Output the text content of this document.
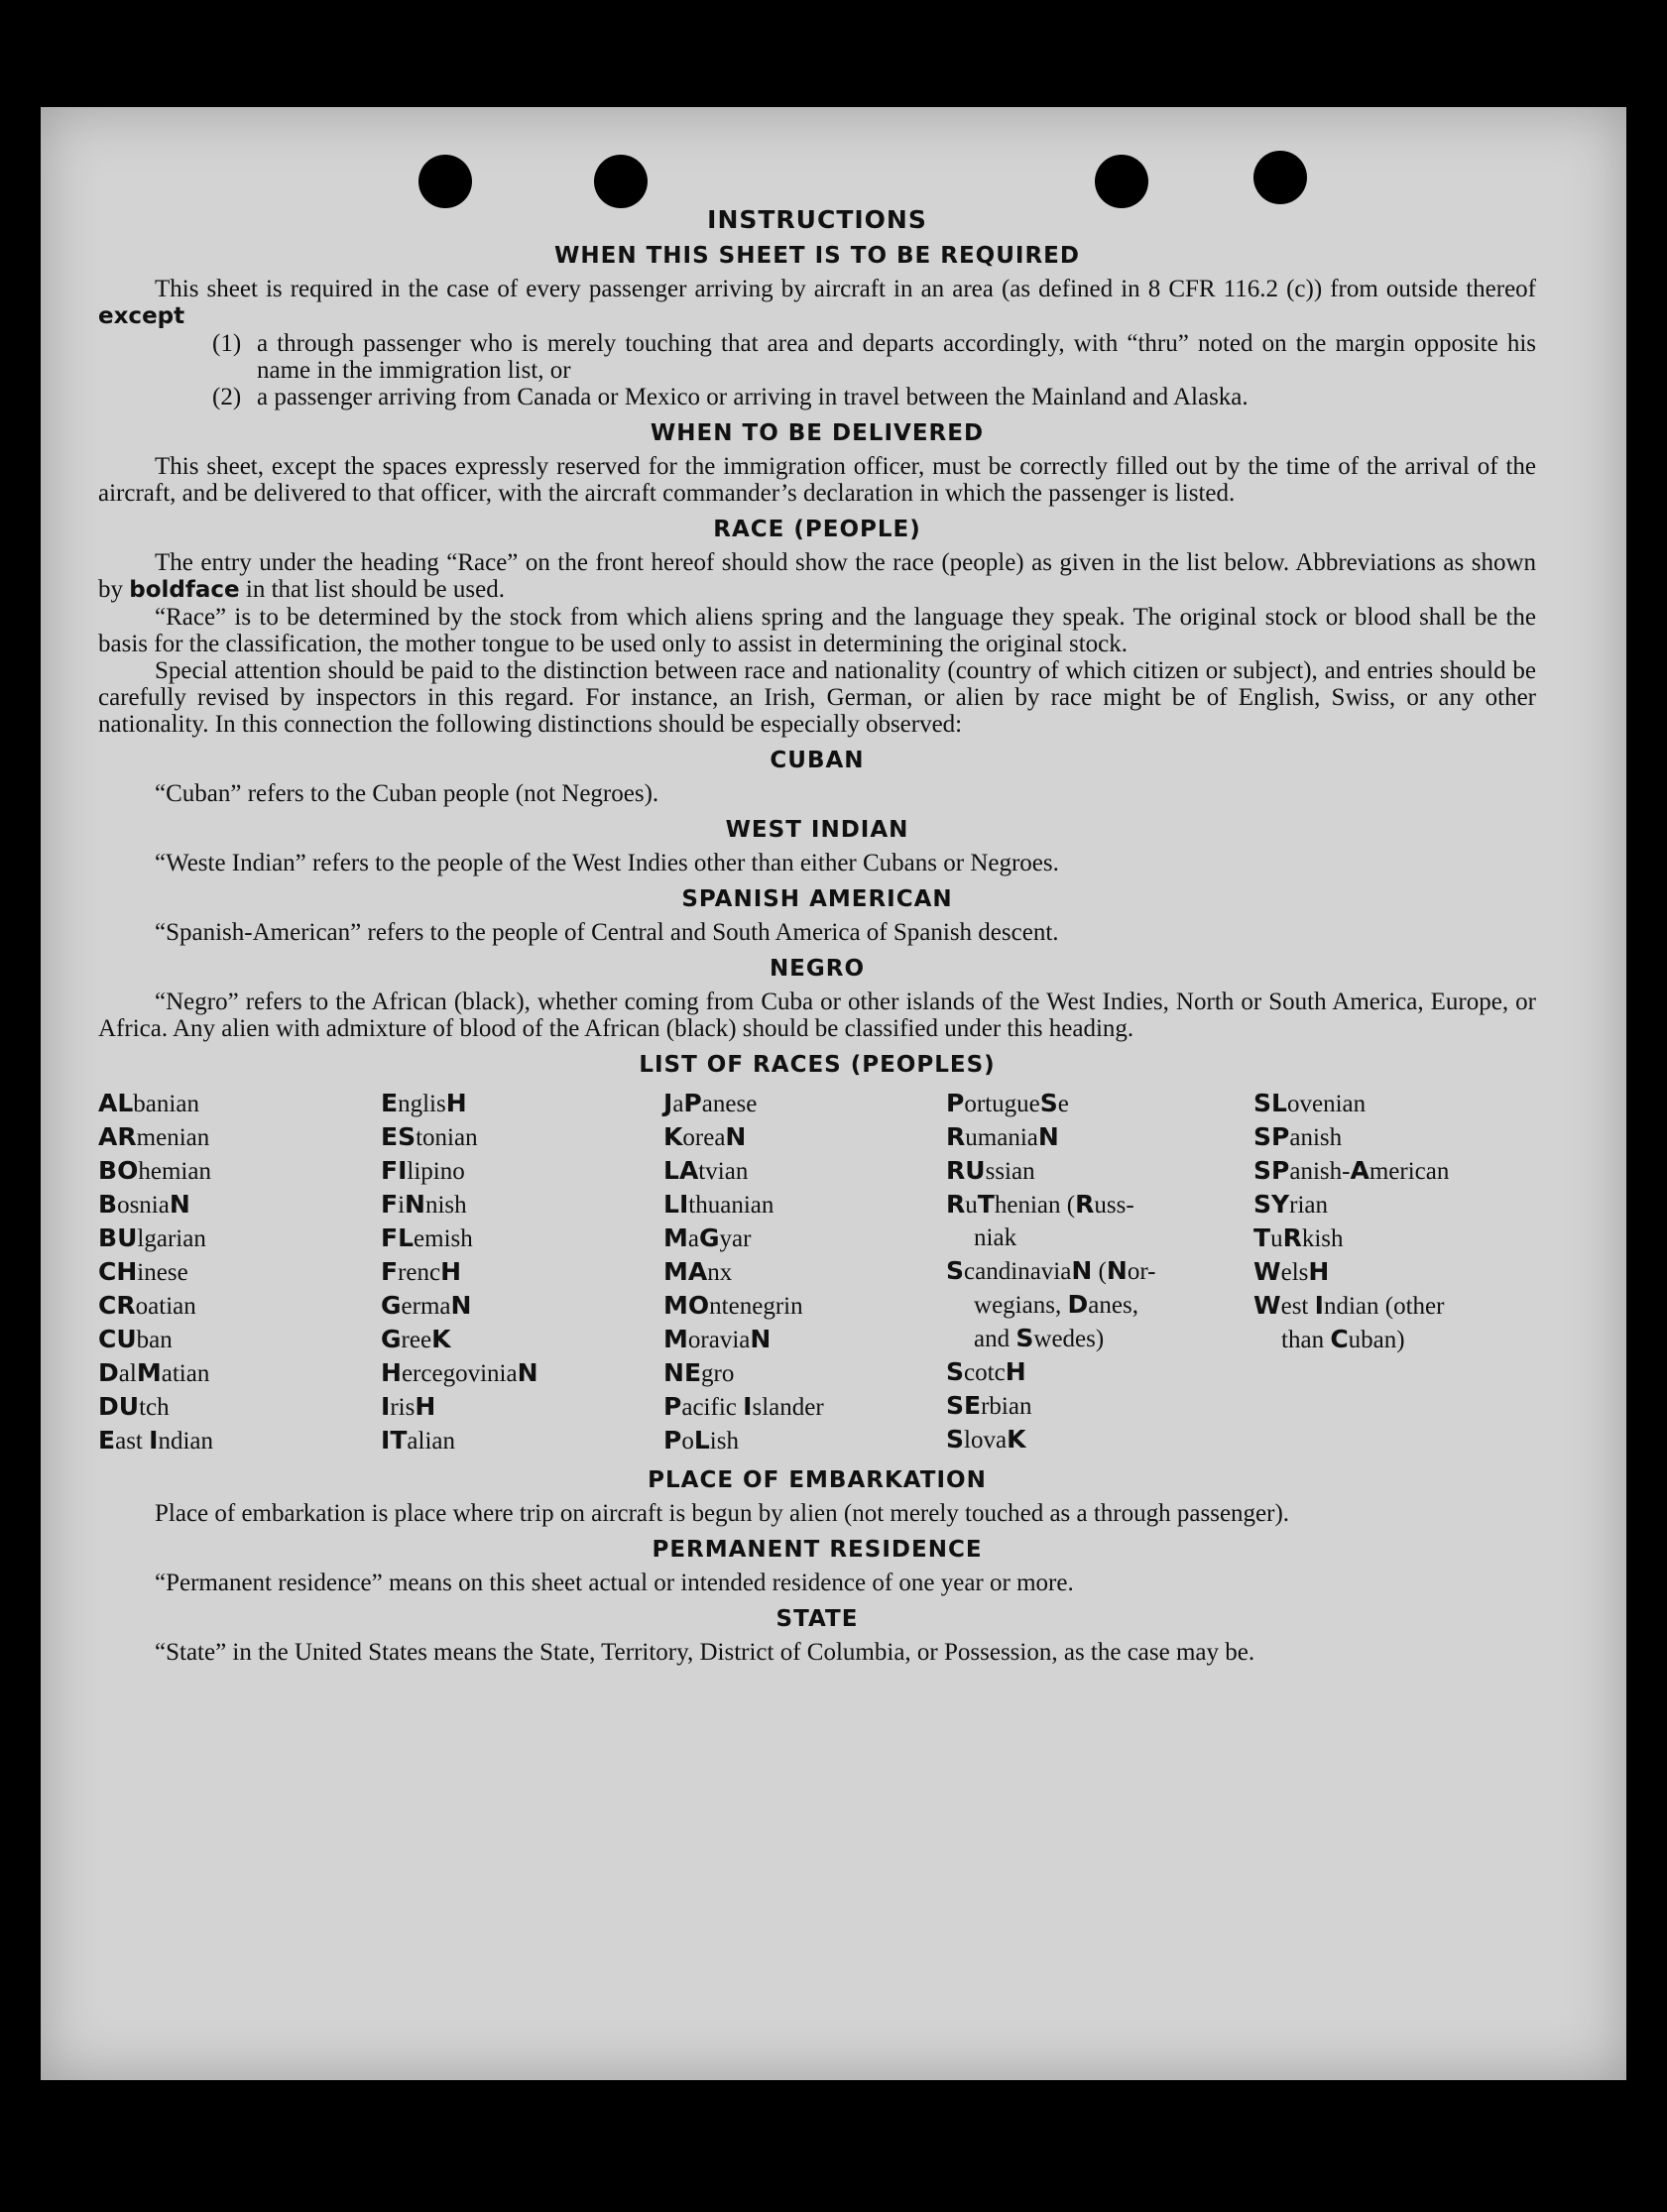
INSTRUCTIONS
WHEN THIS SHEET IS TO BE REQUIRED

This sheet is required in the case of every passenger arriving by aircraft in an area (as defined in 8 CFR 116.2 (c)) from outside thereof except

(1) a through passenger who is merely touching that area and departs accordingly, with “thru” noted on the margin opposite his name in the immigration list, or
(2) a passenger arriving from Canada or Mexico or arriving in travel between the Mainland and Alaska.
WHEN TO BE DELIVERED

This sheet, except the spaces expressly reserved for the immigration officer, must be correctly filled out by the time of the arrival of the aircraft, and be delivered to that officer, with the aircraft commander’s declaration in which the passenger is listed.

RACE (PEOPLE)

The entry under the heading “Race” on the front hereof should show the race (people) as given in the list below. Abbreviations as shown by boldface in that list should be used.

“Race” is to be determined by the stock from which aliens spring and the language they speak. The original stock or blood shall be the basis for the classification, the mother tongue to be used only to assist in determining the original stock.

Special attention should be paid to the distinction between race and nationality (country of which citizen or subject), and entries should be carefully revised by inspectors in this regard. For instance, an Irish, German, or alien by race might be of English, Swiss, or any other nationality. In this connection the following distinctions should be especially observed:

CUBAN

“Cuban” refers to the Cuban people (not Negroes).

WEST INDIAN

“Weste Indian” refers to the people of the West Indies other than either Cubans or Negroes.

SPANISH AMERICAN

“Spanish-American” refers to the people of Central and South America of Spanish descent.

NEGRO

“Negro” refers to the African (black), whether coming from Cuba or other islands of the West Indies, North or South America, Europe, or Africa. Any alien with admixture of blood of the African (black) should be classified under this heading.

LIST OF RACES (PEOPLES)
ALbanian
ARmenian
BOhemian
BosniaN
BUlgarian
CHinese
CRoatian
CUban
DalMatian
DUtch
East Indian
EnglisH
EStonian
FIlipino
FiNnish
FLemish
FrencH
GermaN
GreeK
HercegoviniaN
IrisH
ITalian
JaPanese
KoreaN
LAtvian
LIthuanian
MaGyar
MAnx
MOntenegrin
MoraviaN
NEgro
Pacific Islander
PoLish
PortugueSe
RumaniaN
RUssian
RuThenian (Russ-
niak
ScandinaviaN (Nor-
wegians, Danes,
and Swedes)
ScotcH
SErbian
SlovaK
SLovenian
SPanish
SPanish-American
SYrian
TuRkish
WelsH
West Indian (other
than Cuban)
PLACE OF EMBARKATION

Place of embarkation is place where trip on aircraft is begun by alien (not merely touched as a through passenger).

PERMANENT RESIDENCE

“Permanent residence” means on this sheet actual or intended residence of one year or more.

STATE

“State” in the United States means the State, Territory, District of Columbia, or Possession, as the case may be.
